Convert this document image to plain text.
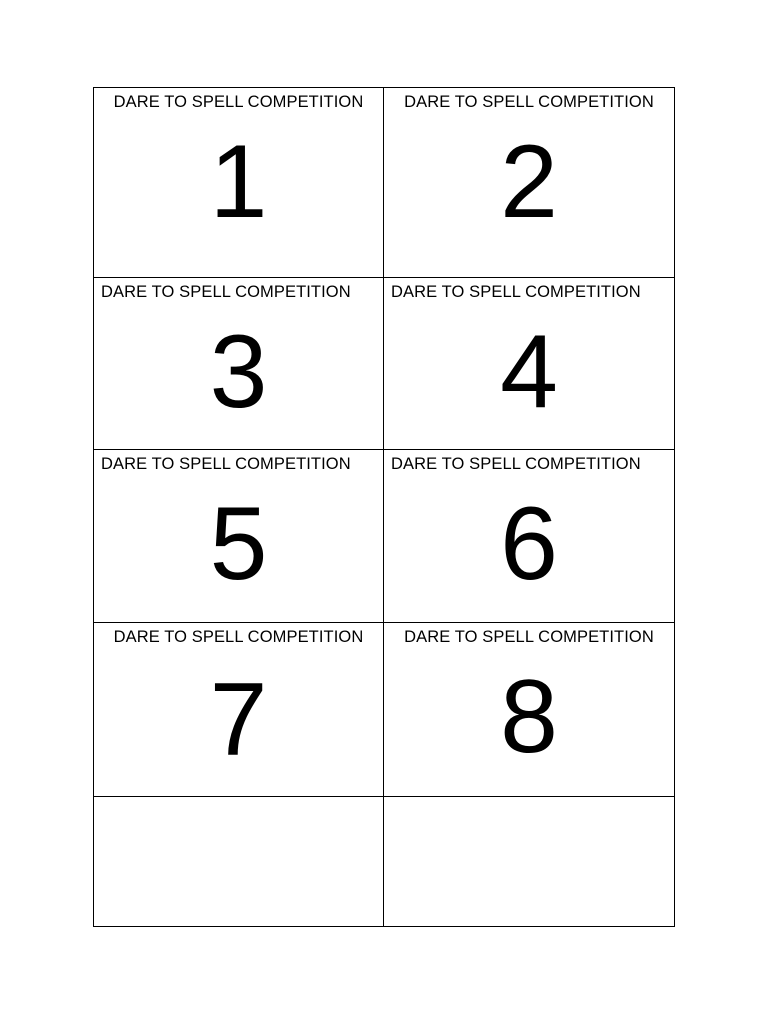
DARE TO SPELL COMPETITION
1
DARE TO SPELL COMPETITION
2
DARE TO SPELL COMPETITION
3
DARE TO SPELL COMPETITION
4
DARE TO SPELL COMPETITION
5
DARE TO SPELL COMPETITION
6
DARE TO SPELL COMPETITION
7
DARE TO SPELL COMPETITION
8
